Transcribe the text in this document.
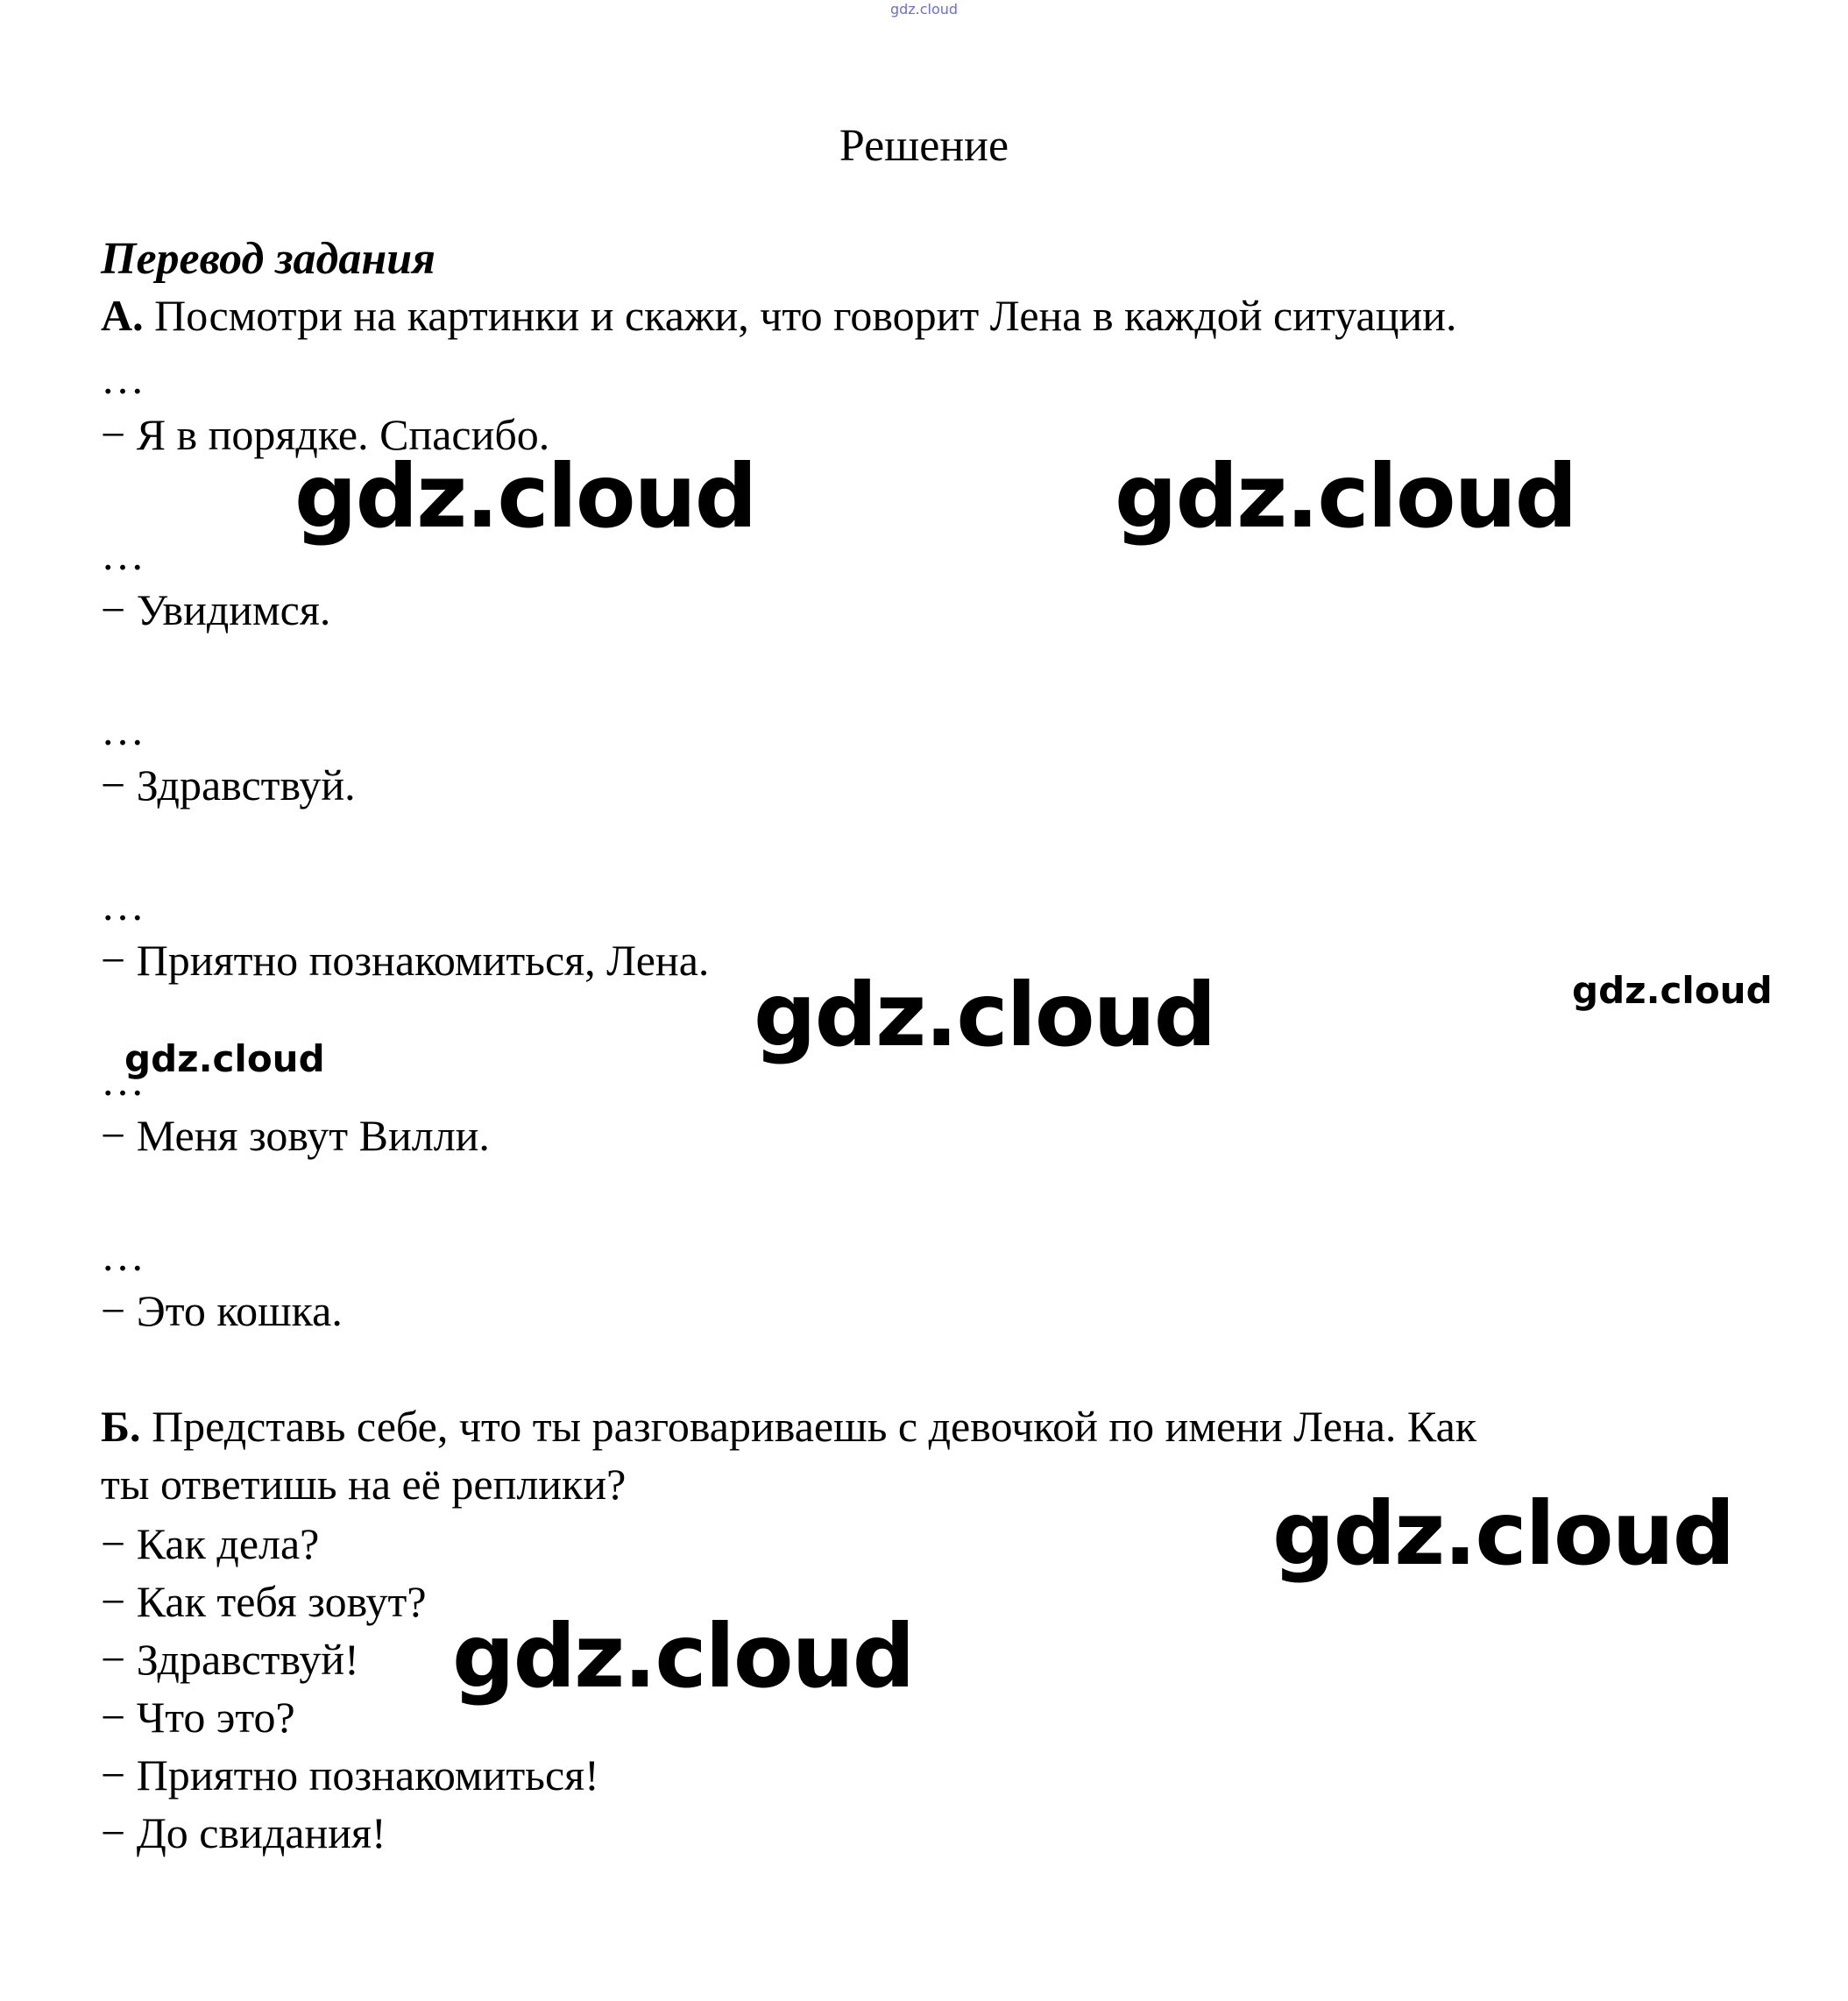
gdz.cloud
Решение
Перевод задания
А. Посмотри на картинки и скажи, что говорит Лена в каждой ситуации.
…
− Я в порядке. Спасибо.
…
− Увидимся.
…
− Здравствуй.
…
− Приятно познакомиться, Лена.
…
− Меня зовут Вилли.
…
− Это кошка.
Б. Представь себе, что ты разговариваешь с девочкой по имени Лена. Как
ты ответишь на её реплики?
− Как дела?
− Как тебя зовут?
− Здравствуй!
− Что это?
− Приятно познакомиться!
− До свидания!
gdz.cloud	gdz.cloud
gdz.cloud	gdz.cloud
gdz.cloud
gdz.cloud
gdz.cloud
